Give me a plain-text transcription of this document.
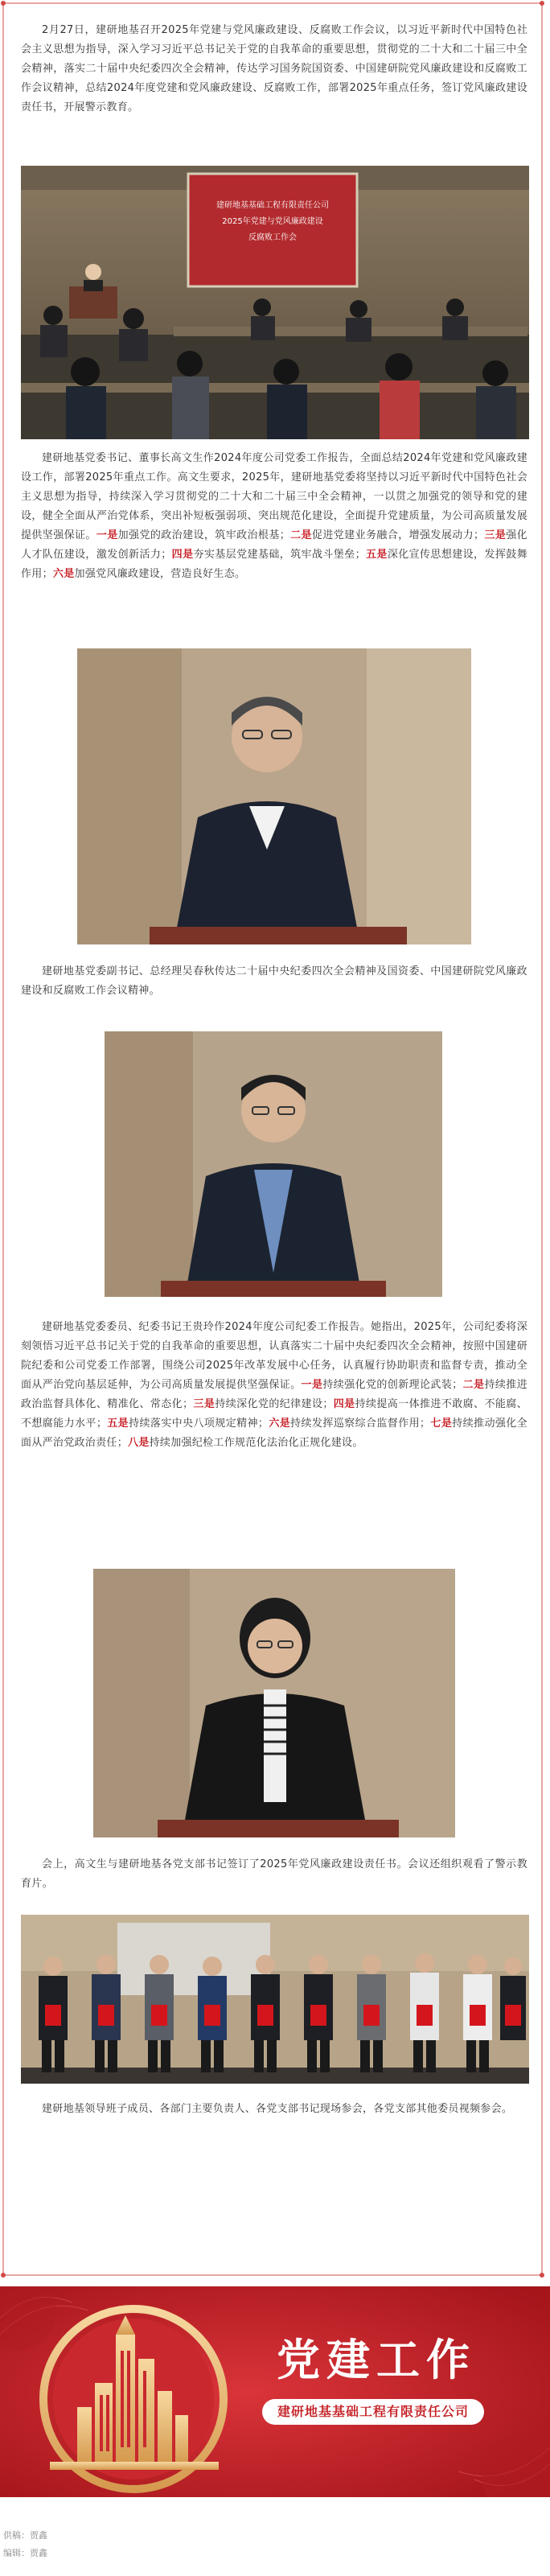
2月27日，建研地基召开2025年党建与党风廉政建设、反腐败工作会议，以习近平新时代中国特色社会主义思想为指导，深入学习习近平总书记关于党的自我革命的重要思想，贯彻党的二十大和二十届三中全会精神，落实二十届中央纪委四次全会精神，传达学习国务院国资委、中国建研院党风廉政建设和反腐败工作会议精神，总结2024年度党建和党风廉政建设、反腐败工作，部署2025年重点任务，签订党风廉政建设责任书，开展警示教育。

建研地基基础工程有限责任公司
2025年党建与党风廉政建设
反腐败工作会

建研地基党委书记、董事长高文生作2024年度公司党委工作报告，全面总结2024年党建和党风廉政建设工作，部署2025年重点工作。高文生要求，2025年，建研地基党委将坚持以习近平新时代中国特色社会主义思想为指导，持续深入学习贯彻党的二十大和二十届三中全会精神，一以贯之加强党的领导和党的建设，健全全面从严治党体系，突出补短板强弱项、突出规范化建设，全面提升党建质量，为公司高质量发展提供坚强保证。一是加强党的政治建设，筑牢政治根基；二是促进党建业务融合，增强发展动力；三是强化人才队伍建设，激发创新活力；四是夯实基层党建基础，筑牢战斗堡垒；五是深化宣传思想建设，发挥鼓舞作用；六是加强党风廉政建设，营造良好生态。

建研地基党委副书记、总经理吴春秋传达二十届中央纪委四次全会精神及国资委、中国建研院党风廉政建设和反腐败工作会议精神。

建研地基党委委员、纪委书记王贵玲作2024年度公司纪委工作报告。她指出，2025年，公司纪委将深刻领悟习近平总书记关于党的自我革命的重要思想，认真落实二十届中央纪委四次全会精神，按照中国建研院纪委和公司党委工作部署，围绕公司2025年改革发展中心任务，认真履行协助职责和监督专责，推动全面从严治党向基层延伸，为公司高质量发展提供坚强保证。一是持续强化党的创新理论武装；二是持续推进政治监督具体化、精准化、常态化；三是持续深化党的纪律建设；四是持续提高一体推进不敢腐、不能腐、不想腐能力水平；五是持续落实中央八项规定精神；六是持续发挥巡察综合监督作用；七是持续推动强化全面从严治党政治责任；八是持续加强纪检工作规范化法治化正规化建设。

会上，高文生与建研地基各党支部书记签订了2025年党风廉政建设责任书。会议还组织观看了警示教育片。

建研地基领导班子成员、各部门主要负责人、各党支部书记现场参会，各党支部其他委员视频参会。

党建工作
建研地基基础工程有限责任公司
供稿：贾鑫
编辑：贾鑫
